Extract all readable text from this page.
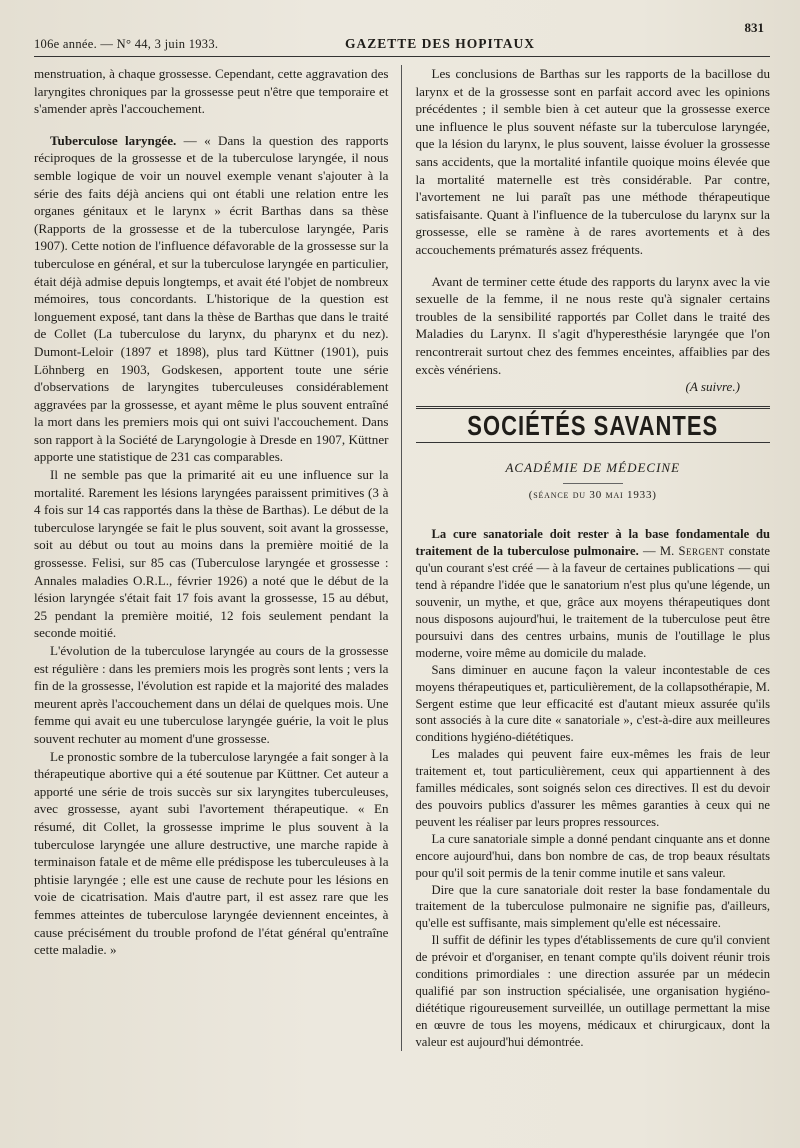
106e année. — N° 44, 3 juin 1933.	GAZETTE DES HOPITAUX
831

menstruation, à chaque grossesse. Cependant, cette aggravation des laryngites chroniques par la grossesse peut n'être que temporaire et s'amender après l'accouchement.

Tuberculose laryngée. — « Dans la question des rapports réciproques de la grossesse et de la tuberculose laryngée, il nous semble logique de voir un nouvel exemple venant s'ajouter à la série des faits déjà anciens qui ont établi une relation entre les organes génitaux et le larynx » écrit Barthas dans sa thèse (Rapports de la grossesse et de la tuberculose laryngée, Paris 1907). Cette notion de l'influence défavorable de la grossesse sur la tuberculose en général, et sur la tuberculose laryngée en particulier, était déjà admise depuis longtemps, et avait été l'objet de nombreux mémoires, tous concordants. L'historique de la question est longuement exposé, tant dans la thèse de Barthas que dans le traité de Collet (La tuberculose du larynx, du pharynx et du nez). Dumont-Leloir (1897 et 1898), plus tard Küttner (1901), puis Löhnberg en 1903, Godskesen, apportent toute une série d'observations de laryngites tuberculeuses considérablement aggravées par la grossesse, et ayant même le plus souvent entraîné la mort dans les premiers mois qui ont suivi l'accouchement. Dans son rapport à la Société de Laryngologie à Dresde en 1907, Küttner apporte une statistique de 231 cas comparables.

Il ne semble pas que la primarité ait eu une influence sur la mortalité. Rarement les lésions laryngées paraissent primitives (3 à 4 fois sur 14 cas rapportés dans la thèse de Barthas). Le début de la tuberculose laryngée se fait le plus souvent, soit avant la grossesse, soit au début ou tout au moins dans la première moitié de la grossesse. Felisi, sur 85 cas (Tuberculose laryngée et grossesse : Annales maladies O.R.L., février 1926) a noté que le début de la lésion laryngée s'était fait 17 fois avant la grossesse, 15 au début, 25 pendant la première moitié, 12 fois seulement pendant la seconde moitié.

L'évolution de la tuberculose laryngée au cours de la grossesse est régulière : dans les premiers mois les progrès sont lents ; vers la fin de la grossesse, l'évolution est rapide et la majorité des malades meurent après l'accouchement dans un délai de quelques mois. Une femme qui avait eu une tuberculose laryngée guérie, la voit le plus souvent rechuter au moment d'une grossesse.

Le pronostic sombre de la tuberculose laryngée a fait songer à la thérapeutique abortive qui a été soutenue par Küttner. Cet auteur a apporté une série de trois succès sur six laryngites tuberculeuses, avec grossesse, ayant subi l'avortement thérapeutique. « En résumé, dit Collet, la grossesse imprime le plus souvent à la tuberculose laryngée une allure destructive, une marche rapide à terminaison fatale et de même elle prédispose les tuberculeuses à la phtisie laryngée ; elle est une cause de rechute pour les lésions en voie de cicatrisation. Mais d'autre part, il est assez rare que les femmes atteintes de tuberculose laryngée deviennent enceintes, à cause précisément du trouble profond de l'état général qu'entraîne cette maladie. »

Les conclusions de Barthas sur les rapports de la bacillose du larynx et de la grossesse sont en parfait accord avec les opinions précédentes ; il semble bien à cet auteur que la grossesse exerce une influence le plus souvent néfaste sur la tuberculose laryngée, que la lésion du larynx, le plus souvent, laisse évoluer la grossesse sans accidents, que la mortalité infantile quoique moins élevée que la mortalité maternelle est très considérable. Par contre, l'avortement ne lui paraît pas une méthode thérapeutique satisfaisante. Quant à l'influence de la tuberculose du larynx sur la grossesse, elle se ramène à de rares avortements et à des accouchements prématurés assez fréquents.

Avant de terminer cette étude des rapports du larynx avec la vie sexuelle de la femme, il ne nous reste qu'à signaler certains troubles de la sensibilité rapportés par Collet dans le traité des Maladies du Larynx. Il s'agit d'hyperesthésie laryngée que l'on rencontrerait surtout chez des femmes enceintes, affaiblies par des excès vénériens.

(A suivre.)

SOCIÉTÉS SAVANTES
ACADÉMIE DE MÉDECINE
(séance du 30 mai 1933)

La cure sanatoriale doit rester à la base fondamentale du traitement de la tuberculose pulmonaire. — M. Sergent constate qu'un courant s'est créé — à la faveur de certaines publications — qui tend à répandre l'idée que le sanatorium n'est plus qu'une légende, un souvenir, un mythe, et que, grâce aux moyens thérapeutiques dont nous disposons aujourd'hui, le traitement de la tuberculose peut être poursuivi dans des centres urbains, munis de l'outillage le plus moderne, voire même au domicile du malade.

Sans diminuer en aucune façon la valeur incontestable de ces moyens thérapeutiques et, particulièrement, de la collapsothérapie, M. Sergent estime que leur efficacité est d'autant mieux assurée qu'ils sont associés à la cure dite « sanatoriale », c'est-à-dire aux meilleures conditions hygiéno-diététiques.

Les malades qui peuvent faire eux-mêmes les frais de leur traitement et, tout particulièrement, ceux qui appartiennent à des familles médicales, sont soignés selon ces directives. Il est du devoir des pouvoirs publics d'assurer les mêmes garanties à ceux qui ne peuvent les réaliser par leurs propres ressources.

La cure sanatoriale simple a donné pendant cinquante ans et donne encore aujourd'hui, dans bon nombre de cas, de trop beaux résultats pour qu'il soit permis de la tenir comme inutile et sans valeur.

Dire que la cure sanatoriale doit rester la base fondamentale du traitement de la tuberculose pulmonaire ne signifie pas, d'ailleurs, qu'elle est suffisante, mais simplement qu'elle est nécessaire.

Il suffit de définir les types d'établissements de cure qu'il convient de prévoir et d'organiser, en tenant compte qu'ils doivent réunir trois conditions primordiales : une direction assurée par un médecin qualifié par son instruction spécialisée, une organisation hygiéno-diététique rigoureusement surveillée, un outillage permettant la mise en œuvre de tous les moyens, médicaux et chirurgicaux, dont la valeur est aujourd'hui démontrée.
